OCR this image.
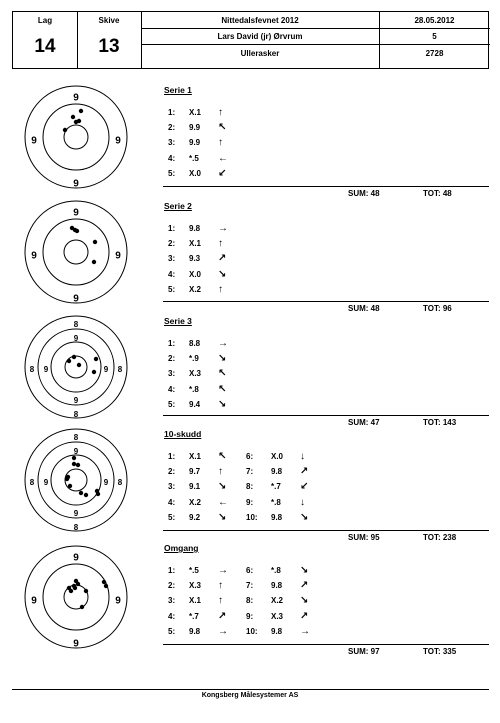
Lag
14
Skive
13
Nittedalsfevnet 2012	28.05.2012
Lars David (jr) Ørvrum	5
Ullerasker	2728
9
9	9
9
Serie 1
1: X.1 ↑
2: 9.9 ↖
3: 9.9 ↑
4: *.5 ←
5: X.0 ↙
SUM: 48	TOT: 48
9
9	9
9
Serie 2
1: 9.8 →
2: X.1 ↑
3: 9.3 ↗
4: X.0 ↘
5: X.2 ↑
SUM: 48	TOT: 96
8
8	8
8
9
9	9
9
Serie 3
1: 8.8 →
2: *.9 ↘
3: X.3 ↖
4: *.8 ↖
5: 9.4 ↘
SUM: 47	TOT: 143
8
8	8
8
9
9	9
9
10-skudd
1: X.1 ↖
2: 9.7 ↑
3: 9.1 ↘
4: X.2 ←
5: 9.2 ↘
6: X.0 ↓
7: 9.8 ↗
8: *.7 ↙
9: *.8 ↓
10: 9.8 ↘
SUM: 95	TOT: 238
9
9	9
9
Omgang
1: *.5 →
2: X.3 ↑
3: X.1 ↑
4: *.7 ↗
5: 9.8 →
6: *.8 ↘
7: 9.8 ↗
8: X.2 ↘
9: X.3 ↗
10: 9.8 →
SUM: 97	TOT: 335
Kongsberg Målesystemer AS
